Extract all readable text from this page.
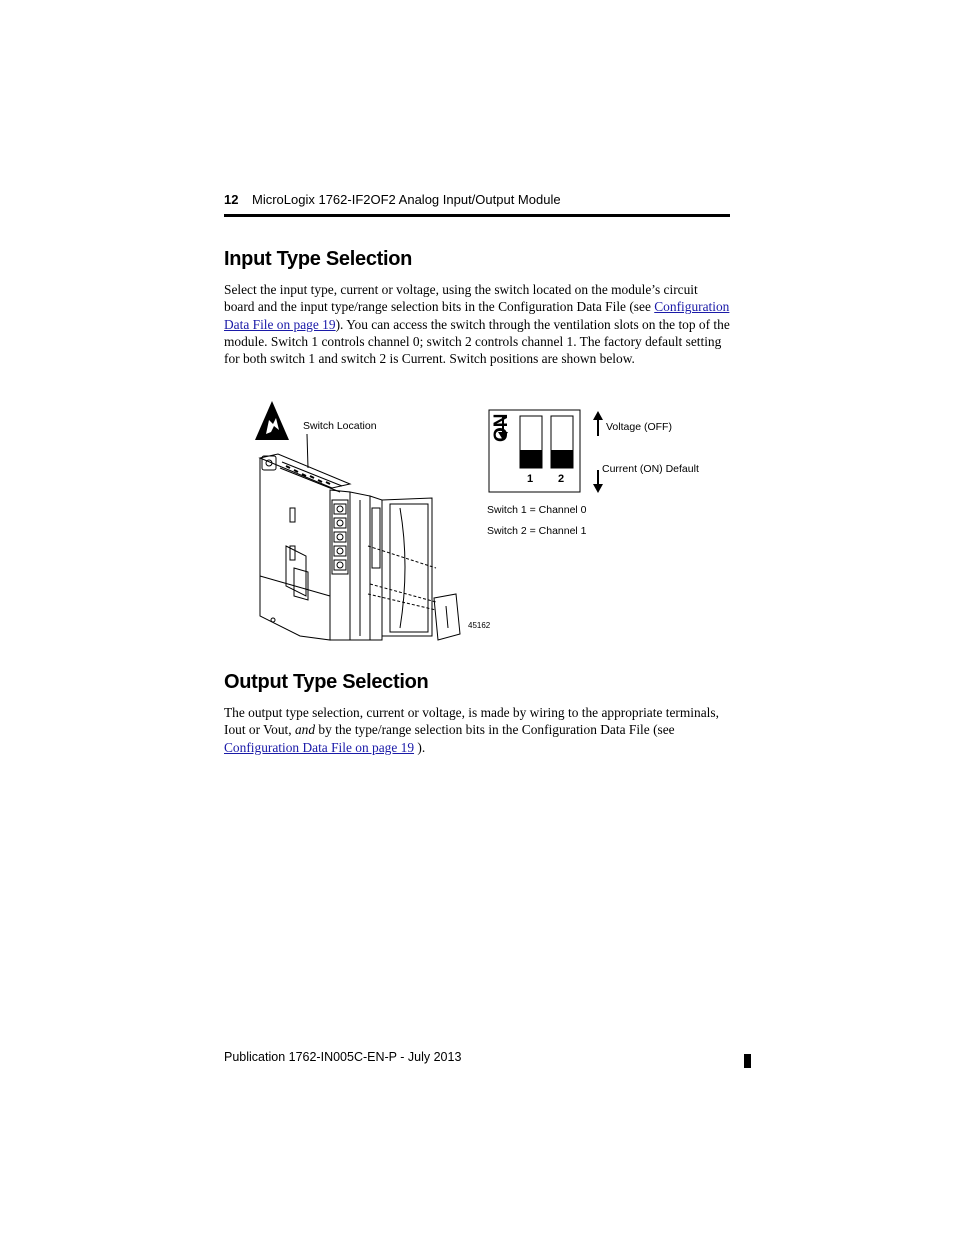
12 MicroLogix 1762-IF2OF2 Analog Input/Output Module
Input Type Selection

Select the input type, current or voltage, using the switch located on the module’s circuit board and the input type/range selection bits in the Configuration Data File (see Configuration Data File on page 19). You can access the switch through the ventilation slots on the top of the module. Switch 1 controls channel 0; switch 2 controls channel 1. The factory default setting for both switch 1 and switch 2 is Current. Switch positions are shown below.

Switch Location	ON
1 2
Voltage (OFF)
Current (ON) Default
Switch 1 = Channel 0
Switch 2 = Channel 1
45162
Output Type Selection

The output type selection, current or voltage, is made by wiring to the appropriate terminals, Iout or Vout, and by the type/range selection bits in the Configuration Data File (see Configuration Data File on page 19 ).

Publication 1762-IN005C-EN-P - July 2013
